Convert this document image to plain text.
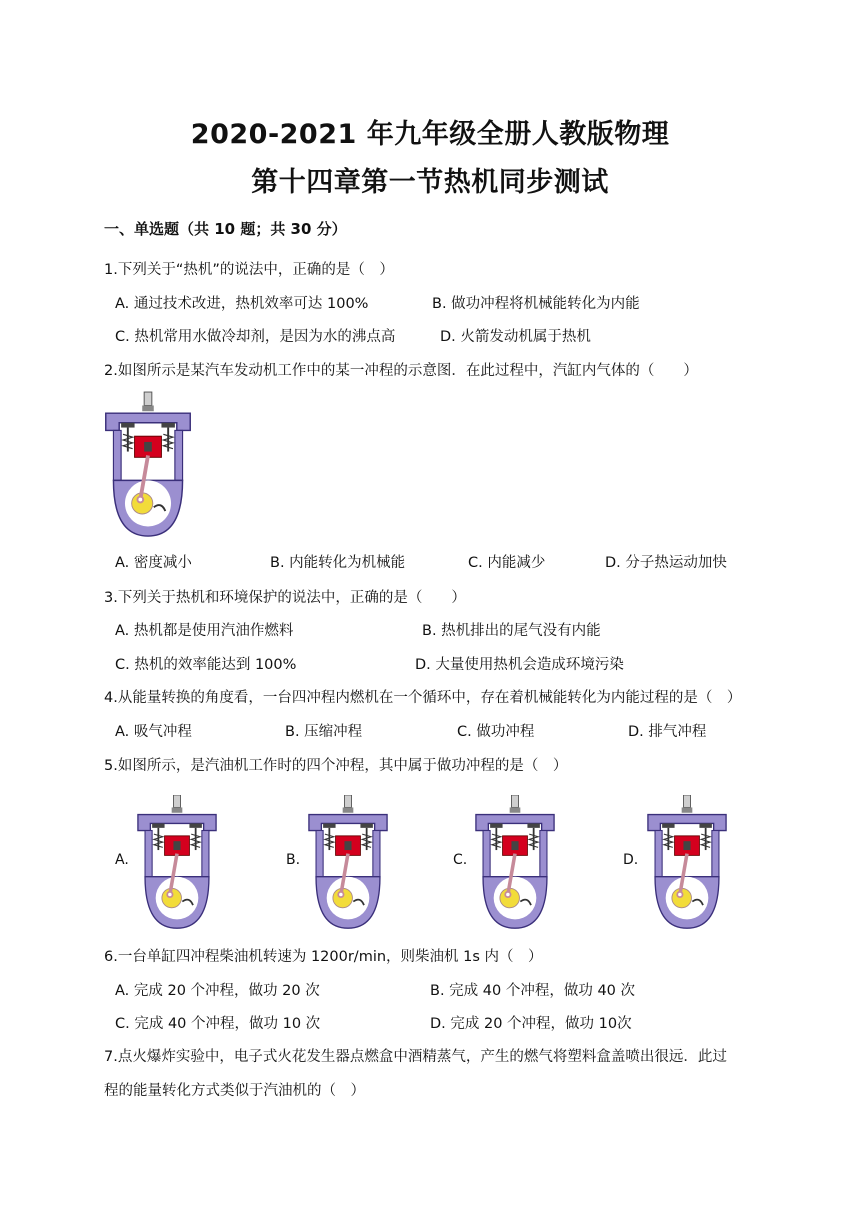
2020-2021 年九年级全册人教版物理
第十四章第一节热机同步测试
一、单选题（共 10 题；共 30 分）
1.下列关于“热机”的说法中，正确的是（　）
A. 通过技术改进，热机效率可达 100%	B. 做功冲程将机械能转化为内能
C. 热机常用水做冷却剂，是因为水的沸点高	D. 火箭发动机属于热机
2.如图所示是某汽车发动机工作中的某一冲程的示意图．在此过程中，汽缸内气体的（　　）
A. 密度减小	B. 内能转化为机械能	C. 内能减少	D. 分子热运动加快
3.下列关于热机和环境保护的说法中，正确的是（　　）
A. 热机都是使用汽油作燃料	B. 热机排出的尾气没有内能
C. 热机的效率能达到 100%	D. 大量使用热机会造成环境污染
4.从能量转换的角度看，一台四冲程内燃机在一个循环中，存在着机械能转化为内能过程的是（　）
A. 吸气冲程	B. 压缩冲程	C. 做功冲程	D. 排气冲程
5.如图所示，是汽油机工作时的四个冲程，其中属于做功冲程的是（　）
A.	B.	C.	D.
6.一台单缸四冲程柴油机转速为 1200r/min，则柴油机 1s 内（　）
A. 完成 20 个冲程，做功 20 次	B. 完成 40 个冲程，做功 40 次
C. 完成 40 个冲程，做功 10 次	D. 完成 20 个冲程，做功 10次
7.点火爆炸实验中，电子式火花发生器点燃盒中酒精蒸气，产生的燃气将塑料盒盖喷出很远．此过
程的能量转化方式类似于汽油机的（　）
